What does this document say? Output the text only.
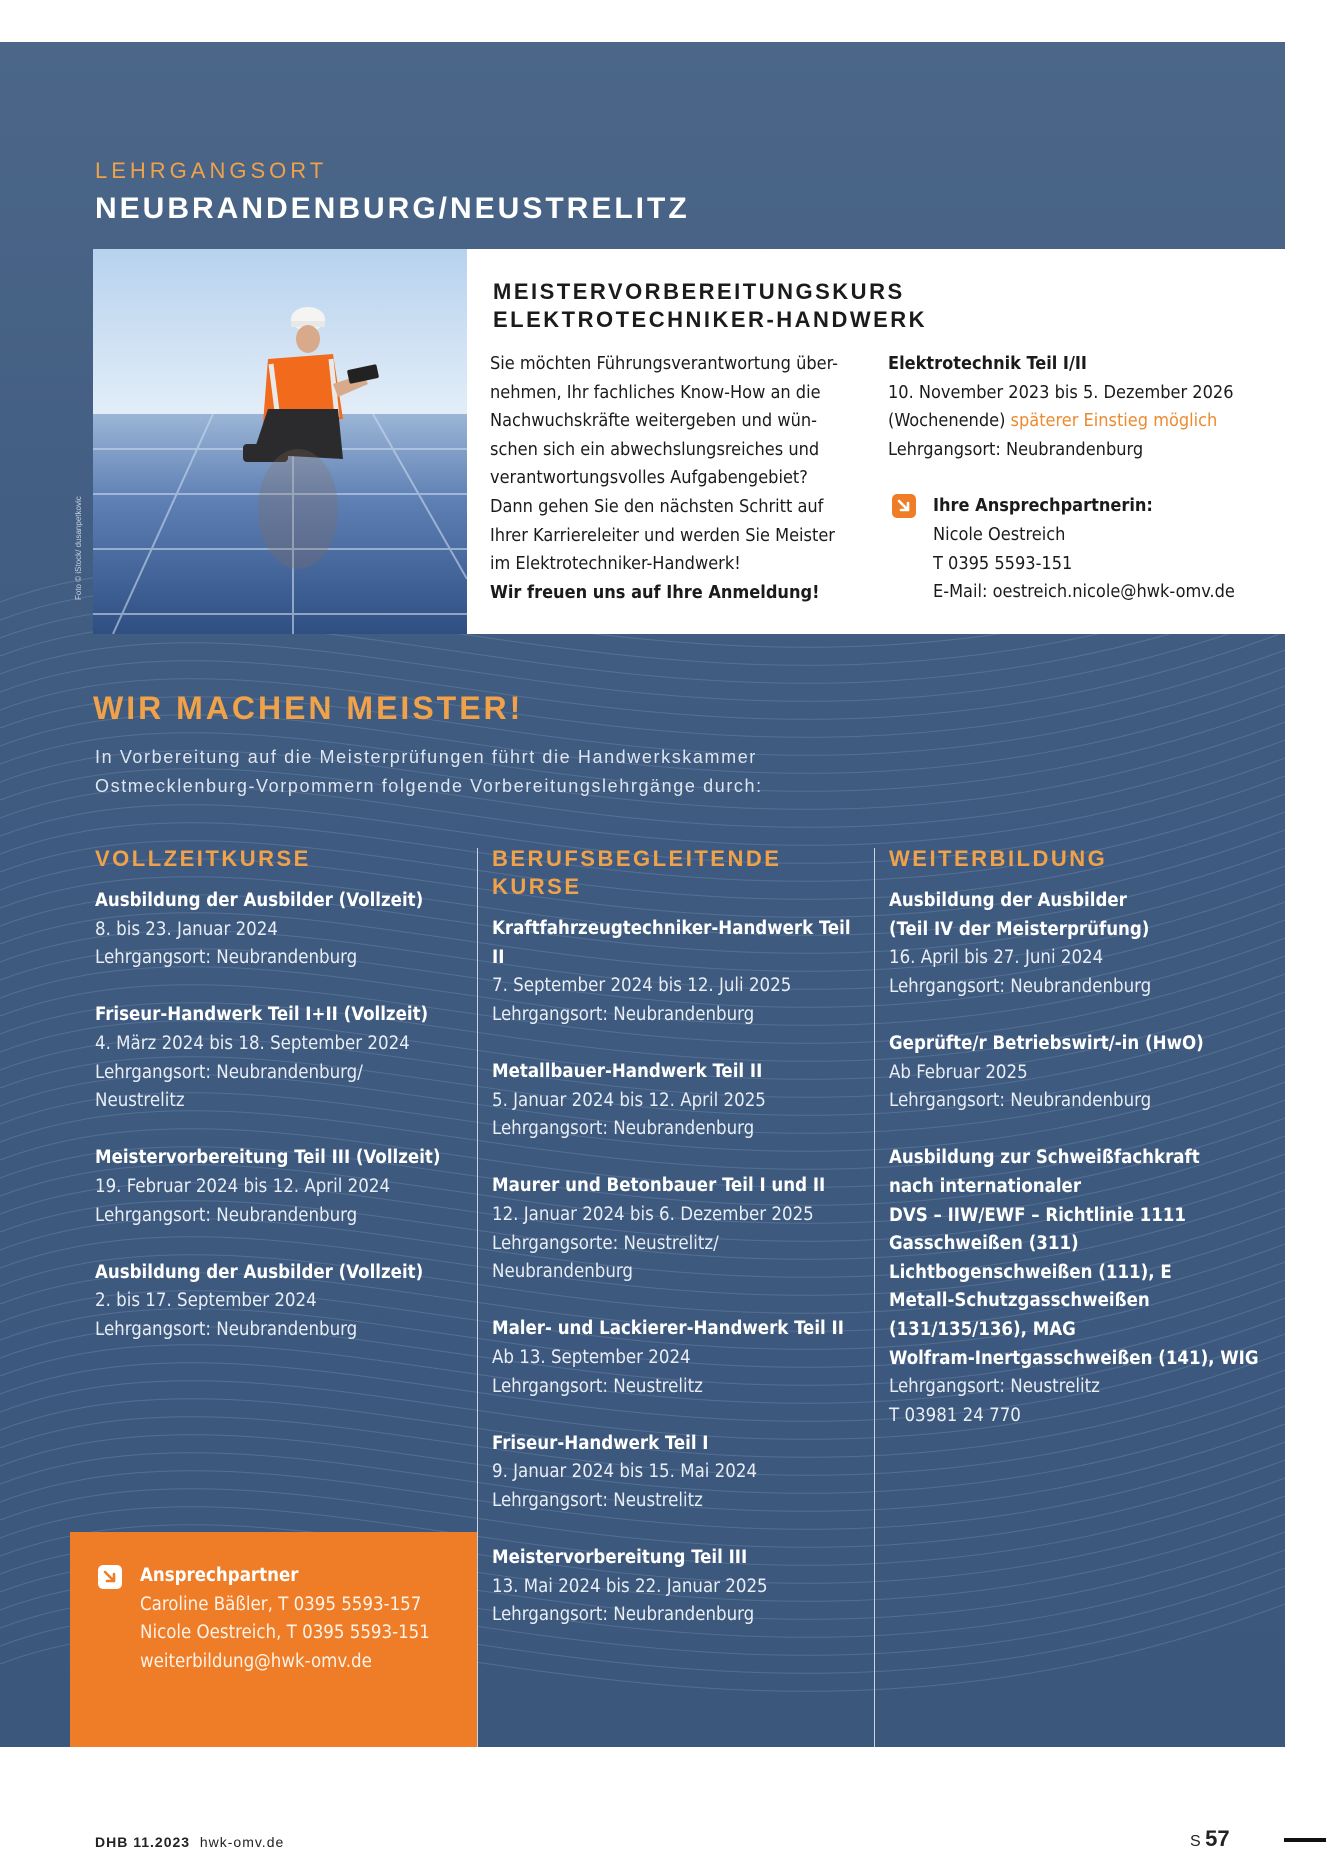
LEHRGANGSORT
NEUBRANDENBURG/NEUSTRELITZ
Foto © iStock/ dusanpetkovic
MEISTERVORBEREITUNGSKURS
ELEKTROTECHNIKER-HANDWERK
Sie möchten Führungsverantwortung über-
nehmen, Ihr fachliches Know-How an die
Nachwuchskräfte weitergeben und wün-
schen sich ein abwechslungsreiches und
verantwortungsvolles Aufgabengebiet?
Dann gehen Sie den nächsten Schritt auf
Ihrer Karriereleiter und werden Sie Meister
im Elektrotechniker-Handwerk!
Wir freuen uns auf Ihre Anmeldung!
Elektrotechnik Teil I/II
10. November 2023 bis 5. Dezember 2026
(Wochenende) späterer Einstieg möglich
Lehrgangsort: Neubrandenburg
Ihre Ansprechpartnerin:
Nicole Oestreich
T 0395 5593-151
E-Mail: oestreich.nicole@hwk-omv.de
WIR MACHEN MEISTER!
In Vorbereitung auf die Meisterprüfungen führt die Handwerkskammer
Ostmecklenburg-Vorpommern folgende Vorbereitungslehrgänge durch:
VOLLZEITKURSE
Ausbildung der Ausbilder (Vollzeit)
8. bis 23. Januar 2024
Lehrgangsort: Neubrandenburg
Friseur-Handwerk Teil I+II (Vollzeit)
4. März 2024 bis 18. September 2024
Lehrgangsort: Neubrandenburg/
Neustrelitz
Meistervorbereitung Teil III (Vollzeit)
19. Februar 2024 bis 12. April 2024
Lehrgangsort: Neubrandenburg
Ausbildung der Ausbilder (Vollzeit)
2. bis 17. September 2024
Lehrgangsort: Neubrandenburg
BERUFSBEGLEITENDE
KURSE
Kraftfahrzeugtechniker-Handwerk Teil II
7. September 2024 bis 12. Juli 2025
Lehrgangsort: Neubrandenburg
Metallbauer-Handwerk Teil II
5. Januar 2024 bis 12. April 2025
Lehrgangsort: Neubrandenburg
Maurer und Betonbauer Teil I und II
12. Januar 2024 bis 6. Dezember 2025
Lehrgangsorte: Neustrelitz/
Neubrandenburg
Maler- und Lackierer-Handwerk Teil II
Ab 13. September 2024
Lehrgangsort: Neustrelitz
Friseur-Handwerk Teil I
9. Januar 2024 bis 15. Mai 2024
Lehrgangsort: Neustrelitz
Meistervorbereitung Teil III
13. Mai 2024 bis 22. Januar 2025
Lehrgangsort: Neubrandenburg
WEITERBILDUNG
Ausbildung der Ausbilder
(Teil IV der Meisterprüfung)
16. April bis 27. Juni 2024
Lehrgangsort: Neubrandenburg
Geprüfte/r Betriebswirt/-in (HwO)
Ab Februar 2025
Lehrgangsort: Neubrandenburg
Ausbildung zur Schweißfachkraft
nach internationaler
DVS – IIW/EWF – Richtlinie 1111
Gasschweißen (311)
Lichtbogenschweißen (111), E
Metall-Schutzgasschweißen
(131/135/136), MAG
Wolfram-Inertgasschweißen (141), WIG
Lehrgangsort: Neustrelitz
T 03981 24 770
Ansprechpartner
Caroline Bäßler, T 0395 5593-157
Nicole Oestreich, T 0395 5593-151
weiterbildung@hwk-omv.de
DHB 11.2023 hwk-omv.de	S 57
